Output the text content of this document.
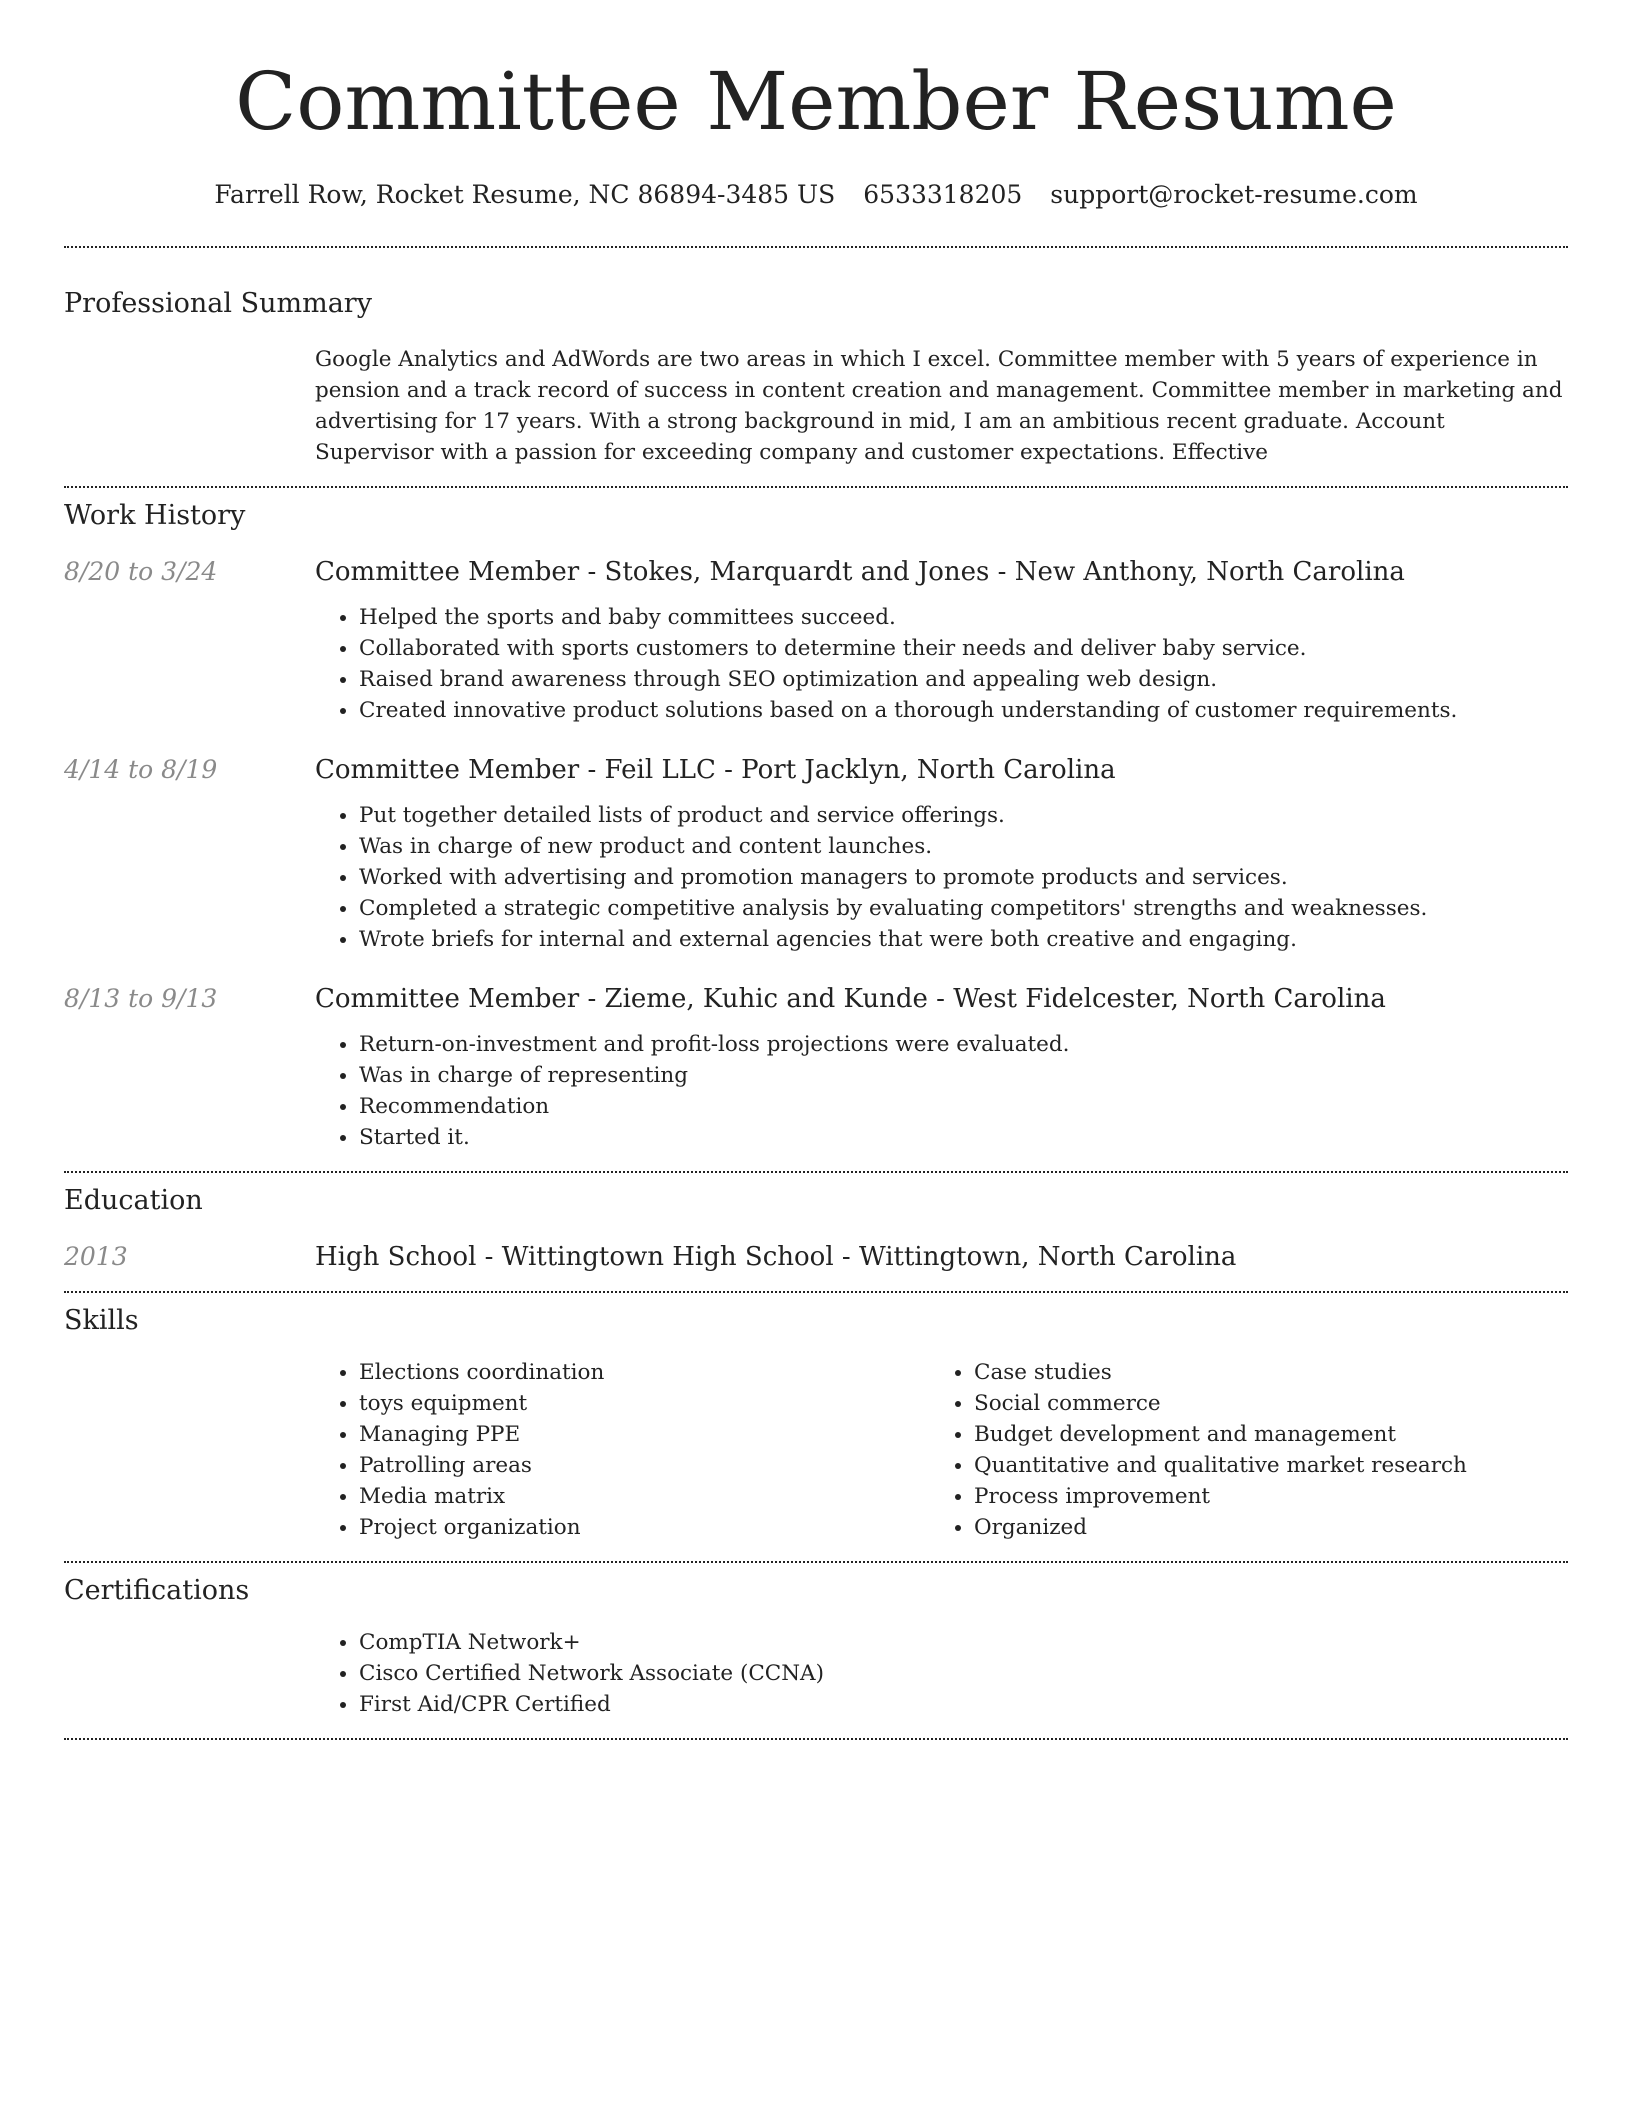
Committee Member Resume
Farrell Row, Rocket Resume, NC 86894-3485 US 6533318205 support@rocket-resume.com
Professional Summary
Google Analytics and AdWords are two areas in which I excel. Committee member with 5 years of experience in pension and a track record of success in content creation and management. Committee member in marketing and advertising for 17 years. With a strong background in mid, I am an ambitious recent graduate. Account Supervisor with a passion for exceeding company and customer expectations. Effective
Work History
8/20 to 3/24	Committee Member - Stokes, Marquardt and Jones - New Anthony, North Carolina
• Helped the sports and baby committees succeed.
• Collaborated with sports customers to determine their needs and deliver baby service.
• Raised brand awareness through SEO optimization and appealing web design.
• Created innovative product solutions based on a thorough understanding of customer requirements.
4/14 to 8/19	Committee Member - Feil LLC - Port Jacklyn, North Carolina
• Put together detailed lists of product and service offerings.
• Was in charge of new product and content launches.
• Worked with advertising and promotion managers to promote products and services.
• Completed a strategic competitive analysis by evaluating competitors' strengths and weaknesses.
• Wrote briefs for internal and external agencies that were both creative and engaging.
8/13 to 9/13	Committee Member - Zieme, Kuhic and Kunde - West Fidelcester, North Carolina
• Return-on-investment and profit-loss projections were evaluated.
• Was in charge of representing
• Recommendation
• Started it.
Education
2013	High School - Wittingtown High School - Wittingtown, North Carolina
Skills
• Elections coordination
• toys equipment
• Managing PPE
• Patrolling areas
• Media matrix
• Project organization
• Case studies
• Social commerce
• Budget development and management
• Quantitative and qualitative market research
• Process improvement
• Organized
Certifications
• CompTIA Network+
• Cisco Certified Network Associate (CCNA)
• First Aid/CPR Certified
